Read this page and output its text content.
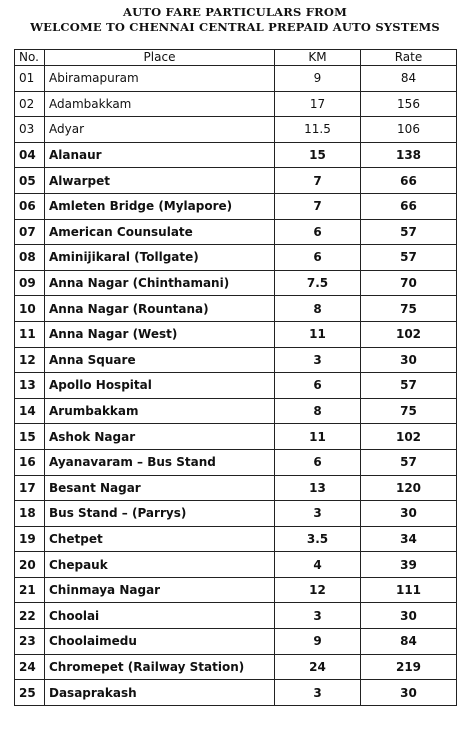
AUTO FARE PARTICULARS FROM
WELCOME TO CHENNAI CENTRAL PREPAID AUTO SYSTEMS
No.	Place	KM	Rate
01	Abiramapuram	9	84
02	Adambakkam	17	156
03	Adyar	11.5	106
04	Alanaur	15	138
05	Alwarpet	7	66
06	Amleten Bridge (Mylapore)	7	66
07	American Counsulate	6	57
08	Aminijikaral (Tollgate)	6	57
09	Anna Nagar (Chinthamani)	7.5	70
10	Anna Nagar (Rountana)	8	75
11	Anna Nagar (West)	11	102
12	Anna Square	3	30
13	Apollo Hospital	6	57
14	Arumbakkam	8	75
15	Ashok Nagar	11	102
16	Ayanavaram – Bus Stand	6	57
17	Besant Nagar	13	120
18	Bus Stand – (Parrys)	3	30
19	Chetpet	3.5	34
20	Chepauk	4	39
21	Chinmaya Nagar	12	111
22	Choolai	3	30
23	Choolaimedu	9	84
24	Chromepet (Railway Station)	24	219
25	Dasaprakash	3	30
